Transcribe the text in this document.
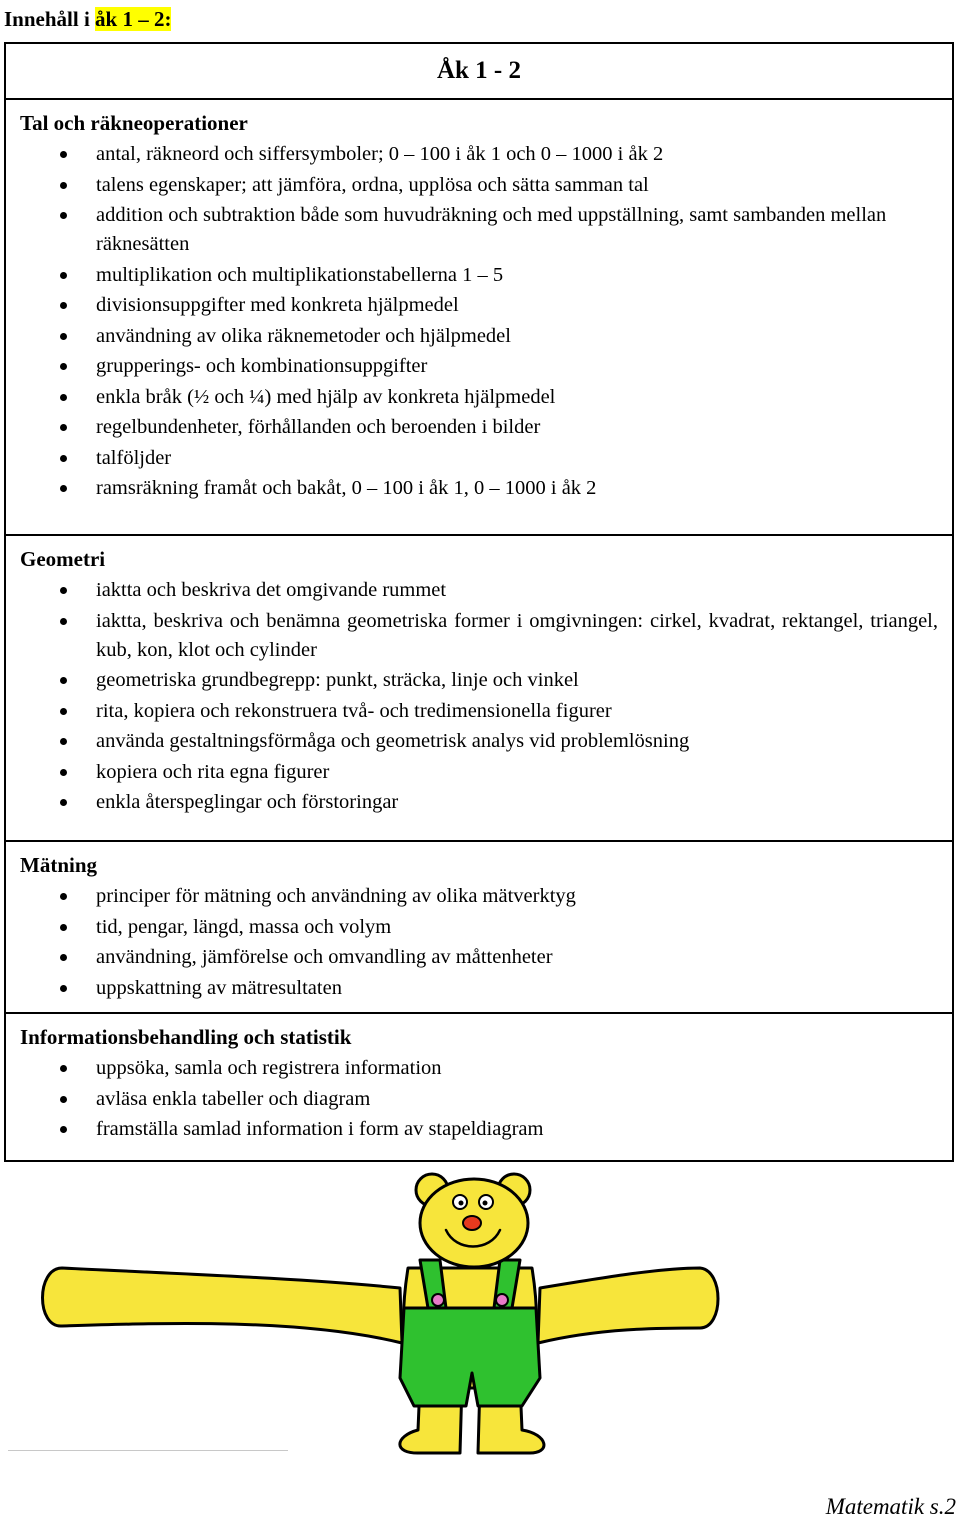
Innehåll i åk 1 – 2:
Åk 1 - 2
Tal och räkneoperationer
antal, räkneord och siffersymboler; 0 – 100 i åk 1 och 0 – 1000 i åk 2
talens egenskaper; att jämföra, ordna, upplösa och sätta samman tal
addition och subtraktion både som huvudräkning och med uppställning, samt sambanden mellan räknesätten
multiplikation och multiplikationstabellerna 1 – 5
divisionsuppgifter med konkreta hjälpmedel
användning av olika räknemetoder och hjälpmedel
grupperings- och kombinationsuppgifter
enkla bråk (½ och ¼) med hjälp av konkreta hjälpmedel
regelbundenheter, förhållanden och beroenden i bilder
talföljder
ramsräkning framåt och bakåt, 0 – 100 i åk 1, 0 – 1000 i åk 2
Geometri
iaktta och beskriva det omgivande rummet
iaktta, beskriva och benämna geometriska former i omgivningen: cirkel, kvadrat, rektangel, triangel, kub, kon, klot och cylinder
geometriska grundbegrepp: punkt, sträcka, linje och vinkel
rita, kopiera och rekonstruera två- och tredimensionella figurer
använda gestaltningsförmåga och geometrisk analys vid problemlösning
kopiera och rita egna figurer
enkla återspeglingar och förstoringar
Mätning
principer för mätning och användning av olika mätverktyg
tid, pengar, längd, massa och volym
användning, jämförelse och omvandling av måttenheter
uppskattning av mätresultaten
Informationsbehandling och statistik
uppsöka, samla och registrera information
avläsa enkla tabeller och diagram
framställa samlad information i form av stapeldiagram
Matematik s.2
